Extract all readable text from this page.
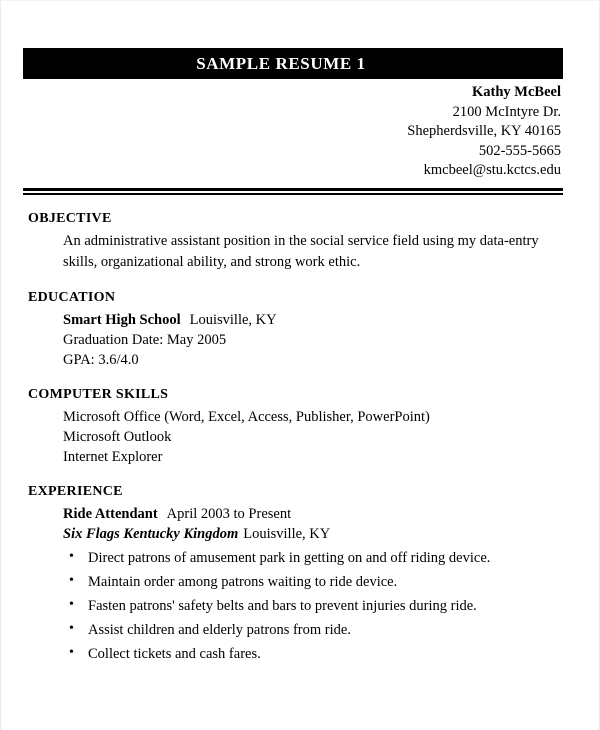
SAMPLE RESUME 1
Kathy McBeel
2100 McIntyre Dr.
Shepherdsville, KY 40165
502-555-5665
kmcbeel@stu.kctcs.edu
OBJECTIVE
An administrative assistant position in the social service field using my data-entry skills, organizational ability, and strong work ethic.
EDUCATION
Smart High School Louisville, KY
Graduation Date: May 2005
GPA: 3.6/4.0
COMPUTER SKILLS
Microsoft Office (Word, Excel, Access, Publisher, PowerPoint)
Microsoft Outlook
Internet Explorer
EXPERIENCE
Ride Attendant April 2003 to Present
Six Flags Kentucky Kingdom Louisville, KY
• Direct patrons of amusement park in getting on and off riding device.
• Maintain order among patrons waiting to ride device.
• Fasten patrons' safety belts and bars to prevent injuries during ride.
• Assist children and elderly patrons from ride.
• Collect tickets and cash fares.
